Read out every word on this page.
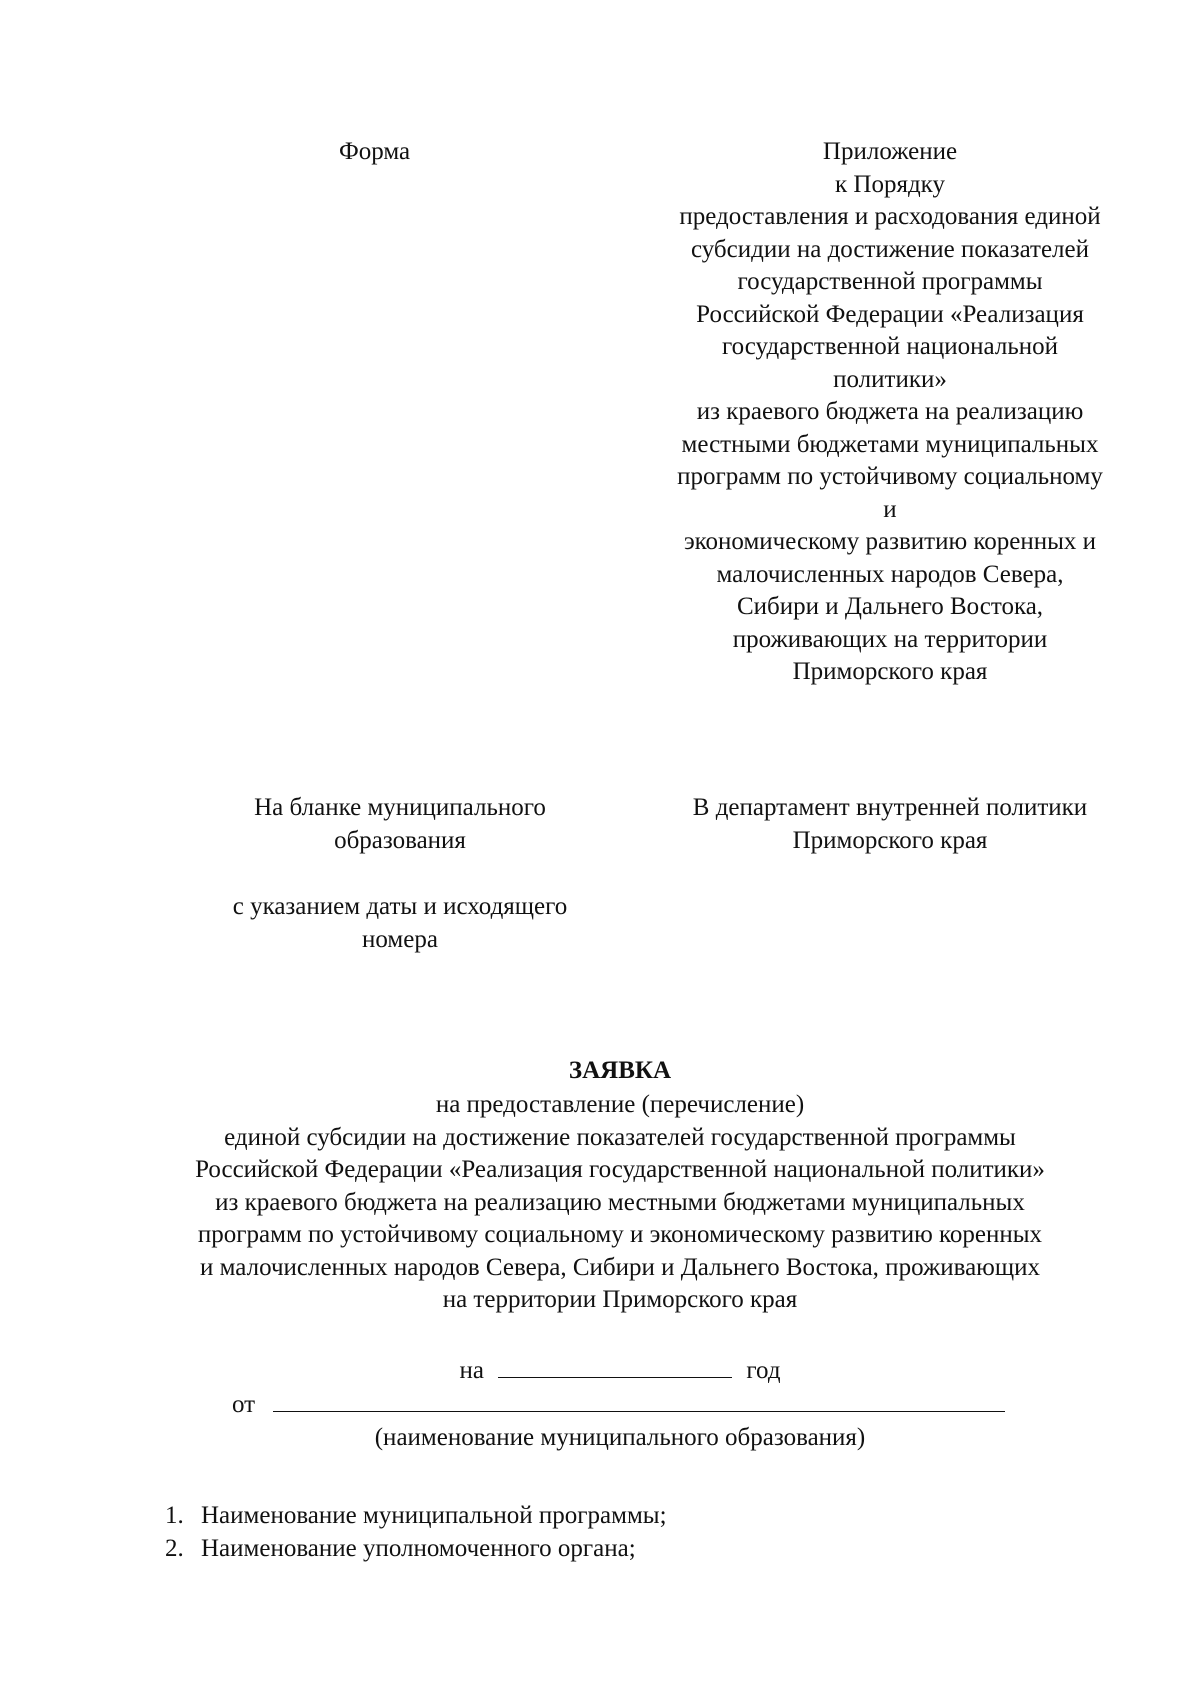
Форма	Приложение
к Порядку
предоставления и расходования единой
субсидии на достижение показателей
государственной программы
Российской Федерации «Реализация
государственной национальной
политики»
из краевого бюджета на реализацию
местными бюджетами муниципальных
программ по устойчивому социальному
и
экономическому развитию коренных и
малочисленных народов Севера,
Сибири и Дальнего Востока,
проживающих на территории
Приморского края
На бланке муниципального
образования
с указанием даты и исходящего
номера
В департамент внутренней политики
Приморского края
ЗАЯВКА
на предоставление (перечисление)
единой субсидии на достижение показателей государственной программы
Российской Федерации «Реализация государственной национальной политики»
из краевого бюджета на реализацию местными бюджетами муниципальных
программ по устойчивому социальному и экономическому развитию коренных
и малочисленных народов Севера, Сибири и Дальнего Востока, проживающих
на территории Приморского края
на	год
от
(наименование муниципального образования)
1. Наименование муниципальной программы;
2. Наименование уполномоченного органа;
